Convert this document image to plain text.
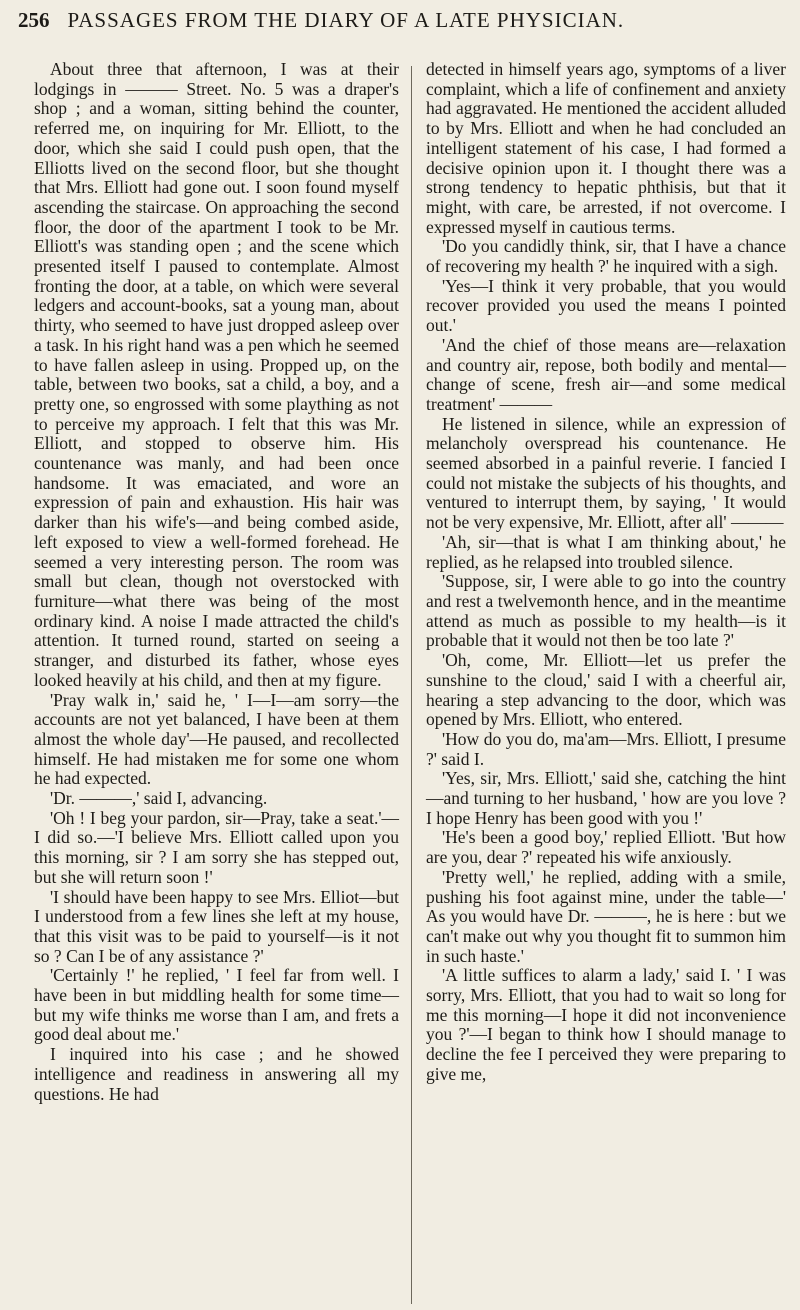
256 PASSAGES FROM THE DIARY OF A LATE PHYSICIAN.

About three that afternoon, I was at their lodgings in ——— Street. No. 5 was a draper's shop ; and a woman, sitting behind the counter, referred me, on inquiring for Mr. Elliott, to the door, which she said I could push open, that the Elliotts lived on the second floor, but she thought that Mrs. Elliott had gone out. I soon found myself ascending the staircase. On approaching the second floor, the door of the apartment I took to be Mr. Elliott's was standing open ; and the scene which presented itself I paused to contemplate. Almost fronting the door, at a table, on which were several ledgers and account-books, sat a young man, about thirty, who seemed to have just dropped asleep over a task. In his right hand was a pen which he seemed to have fallen asleep in using. Propped up, on the table, between two books, sat a child, a boy, and a pretty one, so engrossed with some plaything as not to perceive my approach. I felt that this was Mr. Elliott, and stopped to observe him. His countenance was manly, and had been once handsome. It was emaciated, and wore an expression of pain and exhaustion. His hair was darker than his wife's—and being combed aside, left exposed to view a well-formed forehead. He seemed a very interesting person. The room was small but clean, though not overstocked with furniture—what there was being of the most ordinary kind. A noise I made attracted the child's attention. It turned round, started on seeing a stranger, and disturbed its father, whose eyes looked heavily at his child, and then at my figure.

'Pray walk in,' said he, ' I—I—am sorry—the accounts are not yet balanced, I have been at them almost the whole day'—He paused, and recollected himself. He had mistaken me for some one whom he had expected.

'Dr. ———,' said I, advancing.

'Oh ! I beg your pardon, sir—Pray, take a seat.'—I did so.—'I believe Mrs. Elliott called upon you this morning, sir ? I am sorry she has stepped out, but she will return soon !'

'I should have been happy to see Mrs. Elliot—but I understood from a few lines she left at my house, that this visit was to be paid to yourself—is it not so ? Can I be of any assistance ?'

'Certainly !' he replied, ' I feel far from well. I have been in but middling health for some time—but my wife thinks me worse than I am, and frets a good deal about me.'

I inquired into his case ; and he showed intelligence and readiness in answering all my questions. He had

detected in himself years ago, symptoms of a liver complaint, which a life of confinement and anxiety had aggravated. He mentioned the accident alluded to by Mrs. Elliott and when he had concluded an intelligent statement of his case, I had formed a decisive opinion upon it. I thought there was a strong tendency to hepatic phthisis, but that it might, with care, be arrested, if not overcome. I expressed myself in cautious terms.

'Do you candidly think, sir, that I have a chance of recovering my health ?' he inquired with a sigh.

'Yes—I think it very probable, that you would recover provided you used the means I pointed out.'

'And the chief of those means are—relaxation and country air, repose, both bodily and mental—change of scene, fresh air—and some medical treatment' ———

He listened in silence, while an expression of melancholy overspread his countenance. He seemed absorbed in a painful reverie. I fancied I could not mistake the subjects of his thoughts, and ventured to interrupt them, by saying, ' It would not be very expensive, Mr. Elliott, after all' ———

'Ah, sir—that is what I am thinking about,' he replied, as he relapsed into troubled silence.

'Suppose, sir, I were able to go into the country and rest a twelvemonth hence, and in the meantime attend as much as possible to my health—is it probable that it would not then be too late ?'

'Oh, come, Mr. Elliott—let us prefer the sunshine to the cloud,' said I with a cheerful air, hearing a step advancing to the door, which was opened by Mrs. Elliott, who entered.

'How do you do, ma'am—Mrs. Elliott, I presume ?' said I.

'Yes, sir, Mrs. Elliott,' said she, catching the hint—and turning to her husband, ' how are you love ? I hope Henry has been good with you !'

'He's been a good boy,' replied Elliott. 'But how are you, dear ?' repeated his wife anxiously.

'Pretty well,' he replied, adding with a smile, pushing his foot against mine, under the table—' As you would have Dr. ———, he is here : but we can't make out why you thought fit to summon him in such haste.'

'A little suffices to alarm a lady,' said I. ' I was sorry, Mrs. Elliott, that you had to wait so long for me this morning—I hope it did not inconvenience you ?'—I began to think how I should manage to decline the fee I perceived they were preparing to give me,
